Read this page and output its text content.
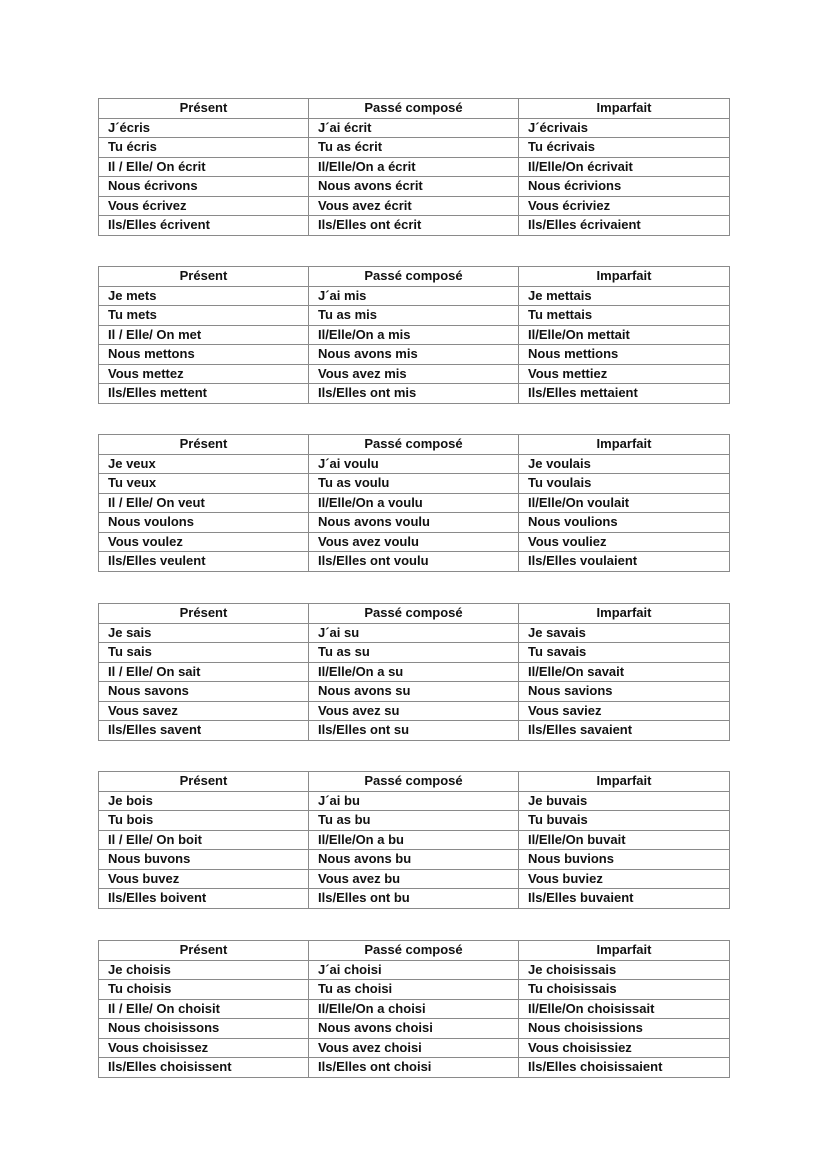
Présent	Passé composé	Imparfait
J´écris	J´ai écrit	J´écrivais
Tu écris	Tu as écrit	Tu écrivais
Il / Elle/ On écrit	Il/Elle/On a écrit	Il/Elle/On écrivait
Nous écrivons	Nous avons écrit	Nous écrivions
Vous écrivez	Vous avez écrit	Vous écriviez
Ils/Elles écrivent	Ils/Elles ont écrit	Ils/Elles écrivaient
Présent	Passé composé	Imparfait
Je mets	J´ai mis	Je mettais
Tu mets	Tu as mis	Tu mettais
Il / Elle/ On met	Il/Elle/On a mis	Il/Elle/On mettait
Nous mettons	Nous avons mis	Nous mettions
Vous mettez	Vous avez mis	Vous mettiez
Ils/Elles mettent	Ils/Elles ont mis	Ils/Elles mettaient
Présent	Passé composé	Imparfait
Je veux	J´ai voulu	Je voulais
Tu veux	Tu as voulu	Tu voulais
Il / Elle/ On veut	Il/Elle/On a voulu	Il/Elle/On voulait
Nous voulons	Nous avons voulu	Nous voulions
Vous voulez	Vous avez voulu	Vous vouliez
Ils/Elles veulent	Ils/Elles ont voulu	Ils/Elles voulaient
Présent	Passé composé	Imparfait
Je sais	J´ai su	Je savais
Tu sais	Tu as su	Tu savais
Il / Elle/ On sait	Il/Elle/On a su	Il/Elle/On savait
Nous savons	Nous avons su	Nous savions
Vous savez	Vous avez su	Vous saviez
Ils/Elles savent	Ils/Elles ont su	Ils/Elles savaient
Présent	Passé composé	Imparfait
Je bois	J´ai bu	Je buvais
Tu bois	Tu as bu	Tu buvais
Il / Elle/ On boit	Il/Elle/On a bu	Il/Elle/On buvait
Nous buvons	Nous avons bu	Nous buvions
Vous buvez	Vous avez bu	Vous buviez
Ils/Elles boivent	Ils/Elles ont bu	Ils/Elles buvaient
Présent	Passé composé	Imparfait
Je choisis	J´ai choisi	Je choisissais
Tu choisis	Tu as choisi	Tu choisissais
Il / Elle/ On choisit	Il/Elle/On a choisi	Il/Elle/On choisissait
Nous choisissons	Nous avons choisi	Nous choisissions
Vous choisissez	Vous avez choisi	Vous choisissiez
Ils/Elles choisissent	Ils/Elles ont choisi	Ils/Elles choisissaient
